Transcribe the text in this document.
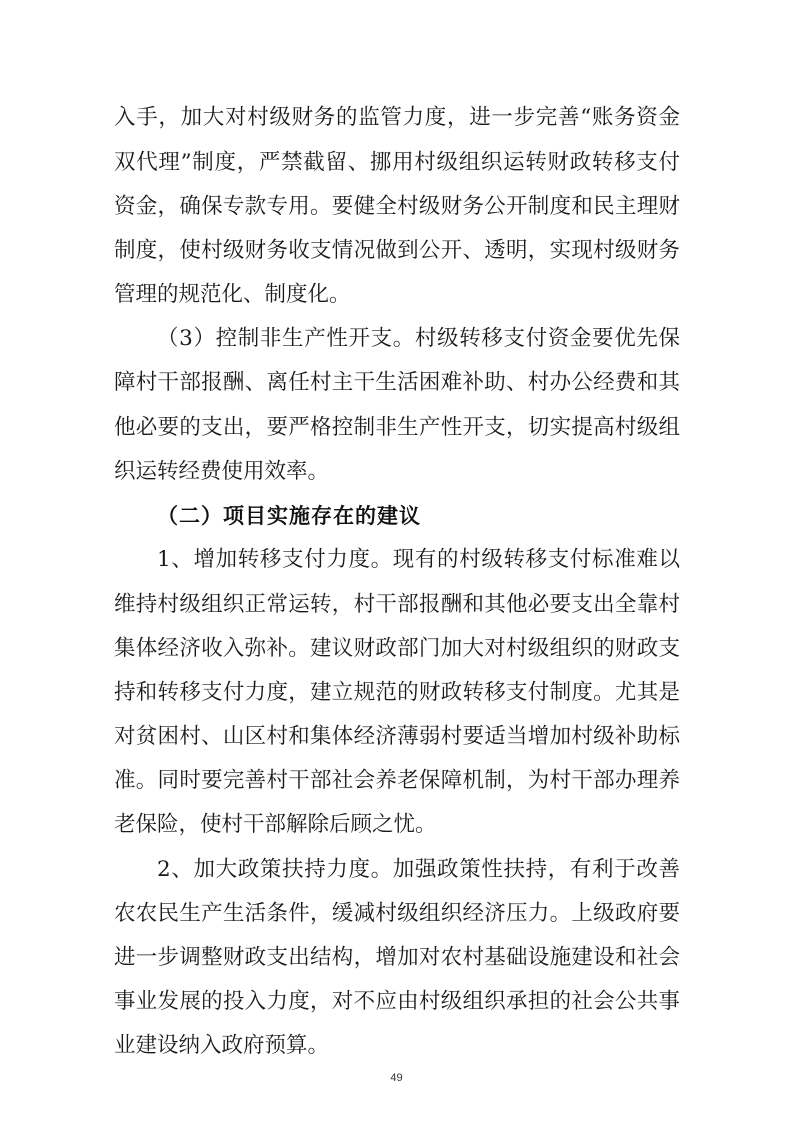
入手，加大对村级财务的监管力度，进一步完善“账务资金
双代理”制度，严禁截留、挪用村级组织运转财政转移支付
资金，确保专款专用。要健全村级财务公开制度和民主理财
制度，使村级财务收支情况做到公开、透明，实现村级财务
管理的规范化、制度化。
（3）控制非生产性开支。村级转移支付资金要优先保
障村干部报酬、离任村主干生活困难补助、村办公经费和其
他必要的支出，要严格控制非生产性开支，切实提高村级组
织运转经费使用效率。
（二）项目实施存在的建议
1、增加转移支付力度。现有的村级转移支付标准难以
维持村级组织正常运转，村干部报酬和其他必要支出全靠村
集体经济收入弥补。建议财政部门加大对村级组织的财政支
持和转移支付力度，建立规范的财政转移支付制度。尤其是
对贫困村、山区村和集体经济薄弱村要适当增加村级补助标
准。同时要完善村干部社会养老保障机制，为村干部办理养
老保险，使村干部解除后顾之忧。
2、加大政策扶持力度。加强政策性扶持，有利于改善
农农民生产生活条件，缓减村级组织经济压力。上级政府要
进一步调整财政支出结构，增加对农村基础设施建设和社会
事业发展的投入力度，对不应由村级组织承担的社会公共事
业建设纳入政府预算。
49
